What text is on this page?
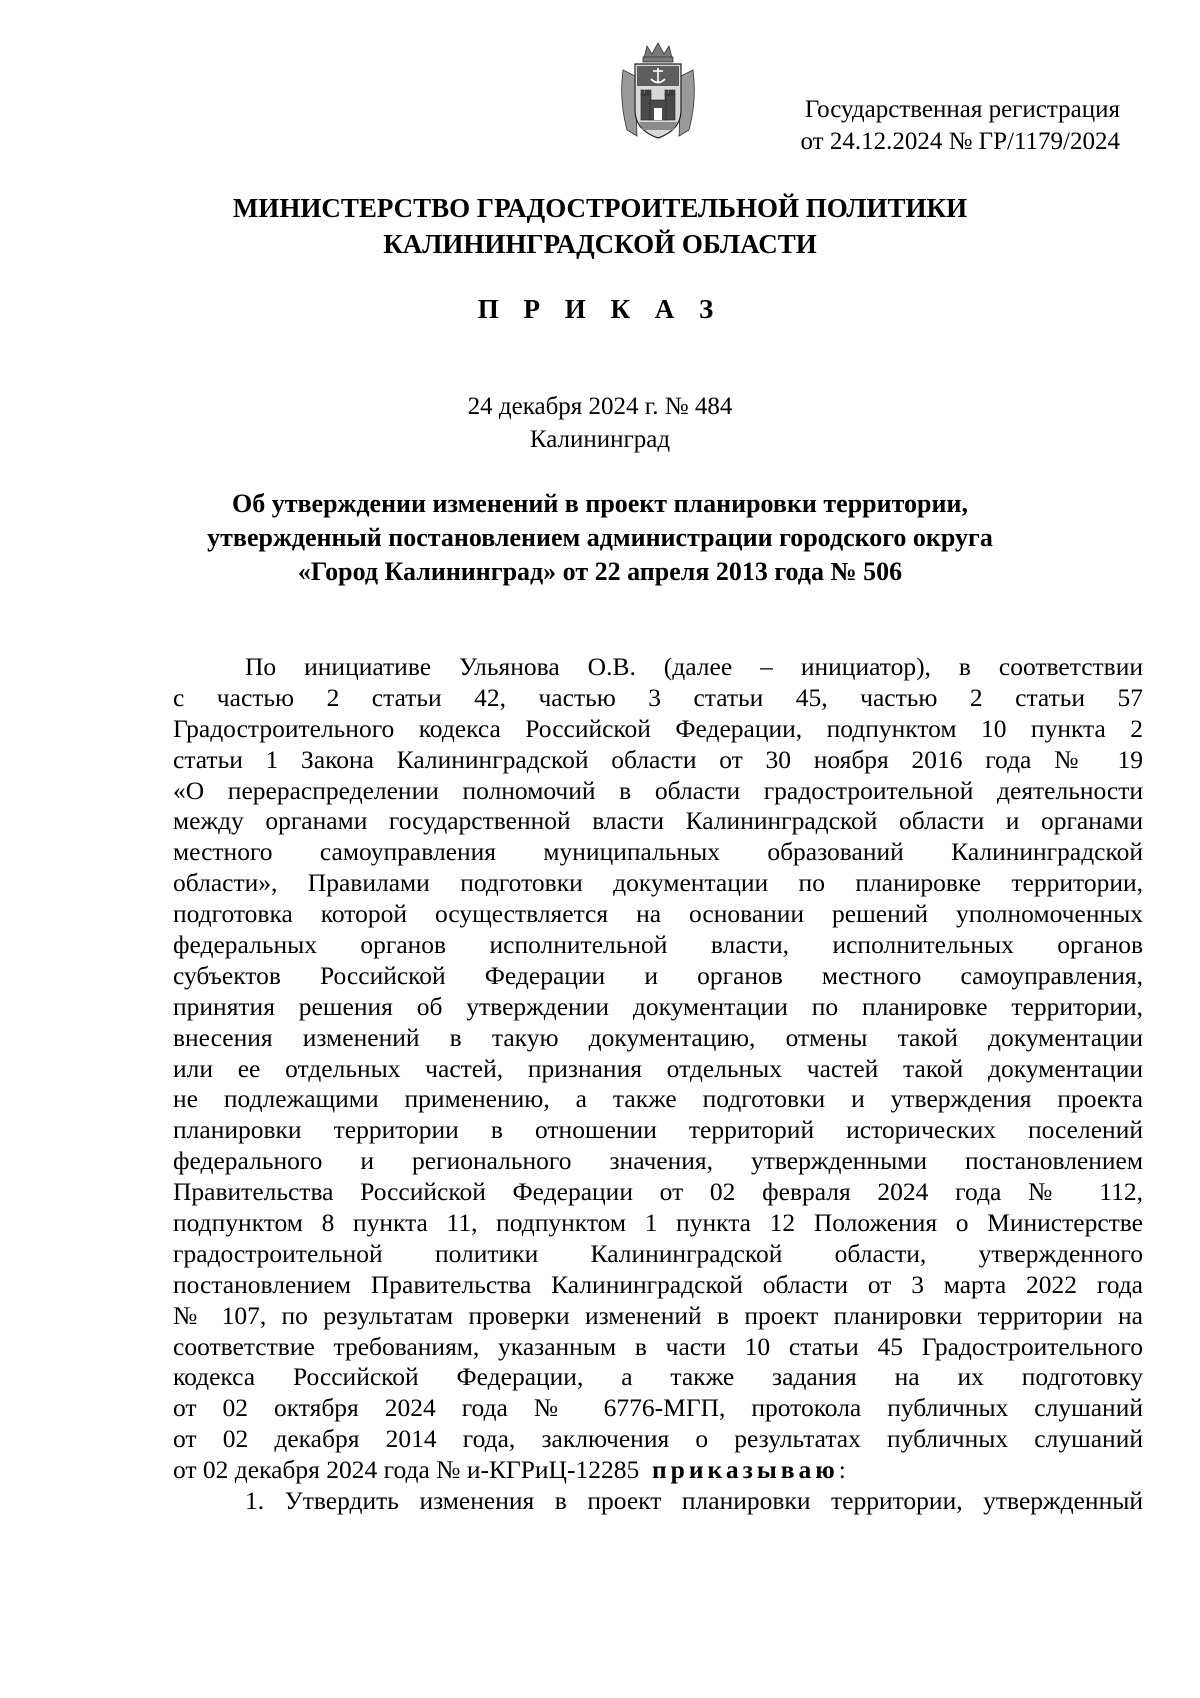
Государственная регистрация
от 24.12.2024 № ГР/1179/2024
МИНИСТЕРСТВО ГРАДОСТРОИТЕЛЬНОЙ ПОЛИТИКИ
КАЛИНИНГРАДСКОЙ ОБЛАСТИ
П Р И К А З
24 декабря 2024 г. № 484
Калининград
Об утверждении изменений в проект планировки территории,
утвержденный постановлением администрации городского округа
«Город Калининград» от 22 апреля 2013 года № 506
По инициативе Ульянова О.В. (далее – инициатор), в соответствии
с частью 2 статьи 42, частью 3 статьи 45, частью 2 статьи 57
Градостроительного кодекса Российской Федерации, подпунктом 10 пункта 2
статьи 1 Закона Калининградской области от 30 ноября 2016 года № 19
«О перераспределении полномочий в области градостроительной деятельности
между органами государственной власти Калининградской области и органами
местного самоуправления муниципальных образований Калининградской
области», Правилами подготовки документации по планировке территории,
подготовка которой осуществляется на основании решений уполномоченных
федеральных органов исполнительной власти, исполнительных органов
субъектов Российской Федерации и органов местного самоуправления,
принятия решения об утверждении документации по планировке территории,
внесения изменений в такую документацию, отмены такой документации
или ее отдельных частей, признания отдельных частей такой документации
не подлежащими применению, а также подготовки и утверждения проекта
планировки территории в отношении территорий исторических поселений
федерального и регионального значения, утвержденными постановлением
Правительства Российской Федерации от 02 февраля 2024 года № 112,
подпунктом 8 пункта 11, подпунктом 1 пункта 12 Положения о Министерстве
градостроительной политики Калининградской области, утвержденного
постановлением Правительства Калининградской области от 3 марта 2022 года
№ 107, по результатам проверки изменений в проект планировки территории на
соответствие требованиям, указанным в части 10 статьи 45 Градостроительного
кодекса Российской Федерации, а также задания на их подготовку
от 02 октября 2024 года № 6776-МГП, протокола публичных слушаний
от 02 декабря 2014 года, заключения о результатах публичных слушаний
от 02 декабря 2024 года № и-КГРиЦ-12285 приказываю:
1. Утвердить изменения в проект планировки территории, утвержденный
